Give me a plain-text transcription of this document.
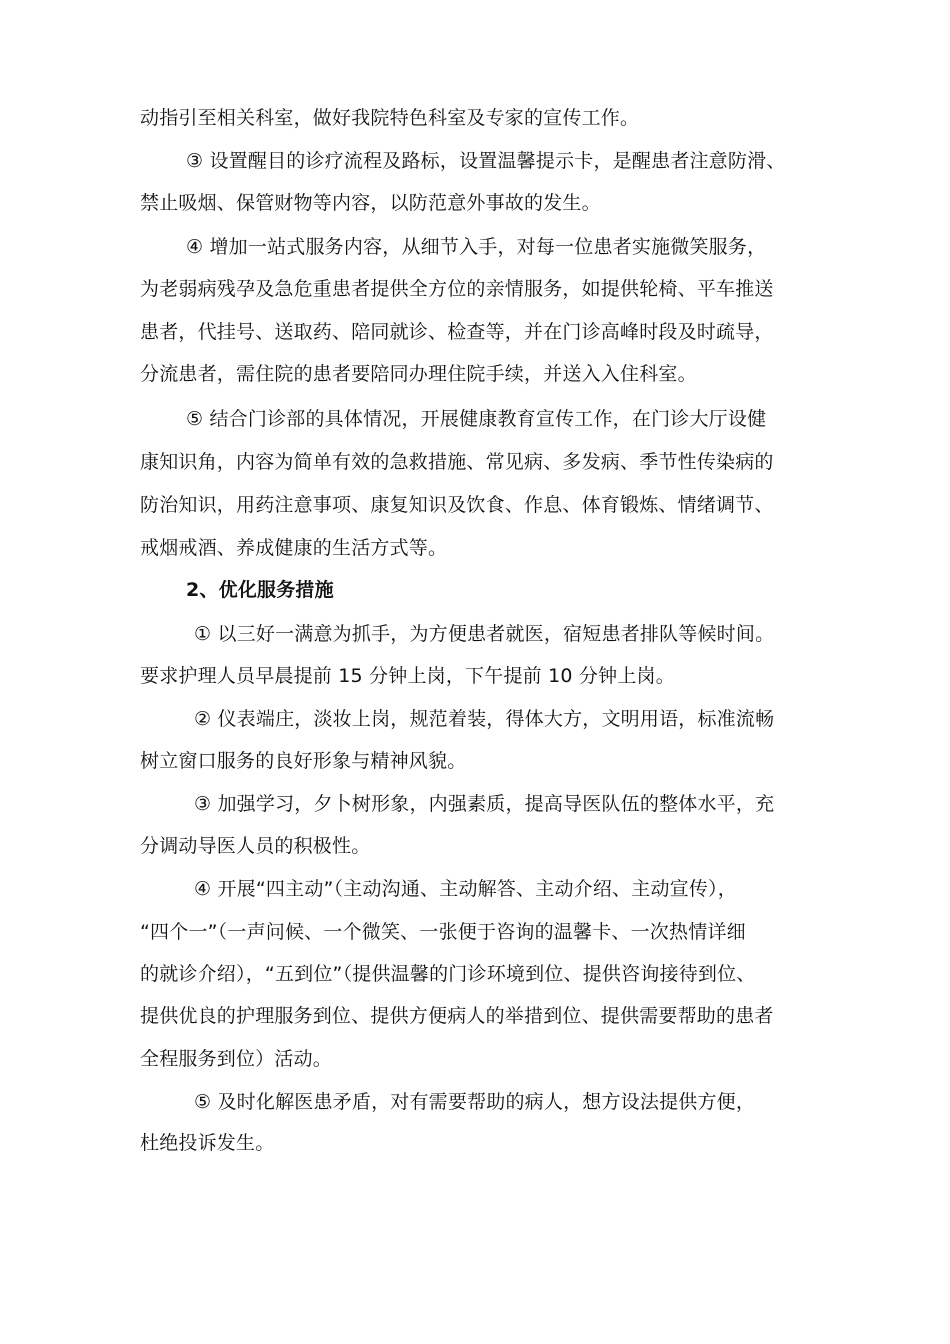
动指引至相关科室，做好我院特色科室及专家的宣传工作。
③ 设置醒目的诊疗流程及路标，设置温馨提示卡，是醒患者注意防滑、
禁止吸烟、保管财物等内容，以防范意外事故的发生。
④ 增加一站式服务内容，从细节入手，对每一位患者实施微笑服务，
为老弱病残孕及急危重患者提供全方位的亲情服务，如提供轮椅、平车推送
患者，代挂号、送取药、陪同就诊、检查等，并在门诊高峰时段及时疏导，
分流患者，需住院的患者要陪同办理住院手续，并送入入住科室。
⑤ 结合门诊部的具体情况，开展健康教育宣传工作，在门诊大厅设健
康知识角，内容为简单有效的急救措施、常见病、多发病、季节性传染病的
防治知识，用药注意事项、康复知识及饮食、作息、体育锻炼、情绪调节、
戒烟戒酒、养成健康的生活方式等。
2、优化服务措施
① 以三好一满意为抓手，为方便患者就医，宿短患者排队等候时间。
要求护理人员早晨提前 15 分钟上岗，下午提前 10 分钟上岗。
② 仪表端庄，淡妆上岗，规范着装，得体大方，文明用语，标准流畅
树立窗口服务的良好形象与精神风貌。
③ 加强学习，夕卜树形象，内强素质，提高导医队伍的整体水平，充
分调动导医人员的积极性。
④ 开展“四主动”（主动沟通、主动解答、主动介绍、主动宣传），
“四个一”（一声问候、一个微笑、一张便于咨询的温馨卡、一次热情详细
的就诊介绍），“五到位”（提供温馨的门诊环境到位、提供咨询接待到位、
提供优良的护理服务到位、提供方便病人的举措到位、提供需要帮助的患者
全程服务到位）活动。
⑤ 及时化解医患矛盾，对有需要帮助的病人，想方设法提供方便，
杜绝投诉发生。
